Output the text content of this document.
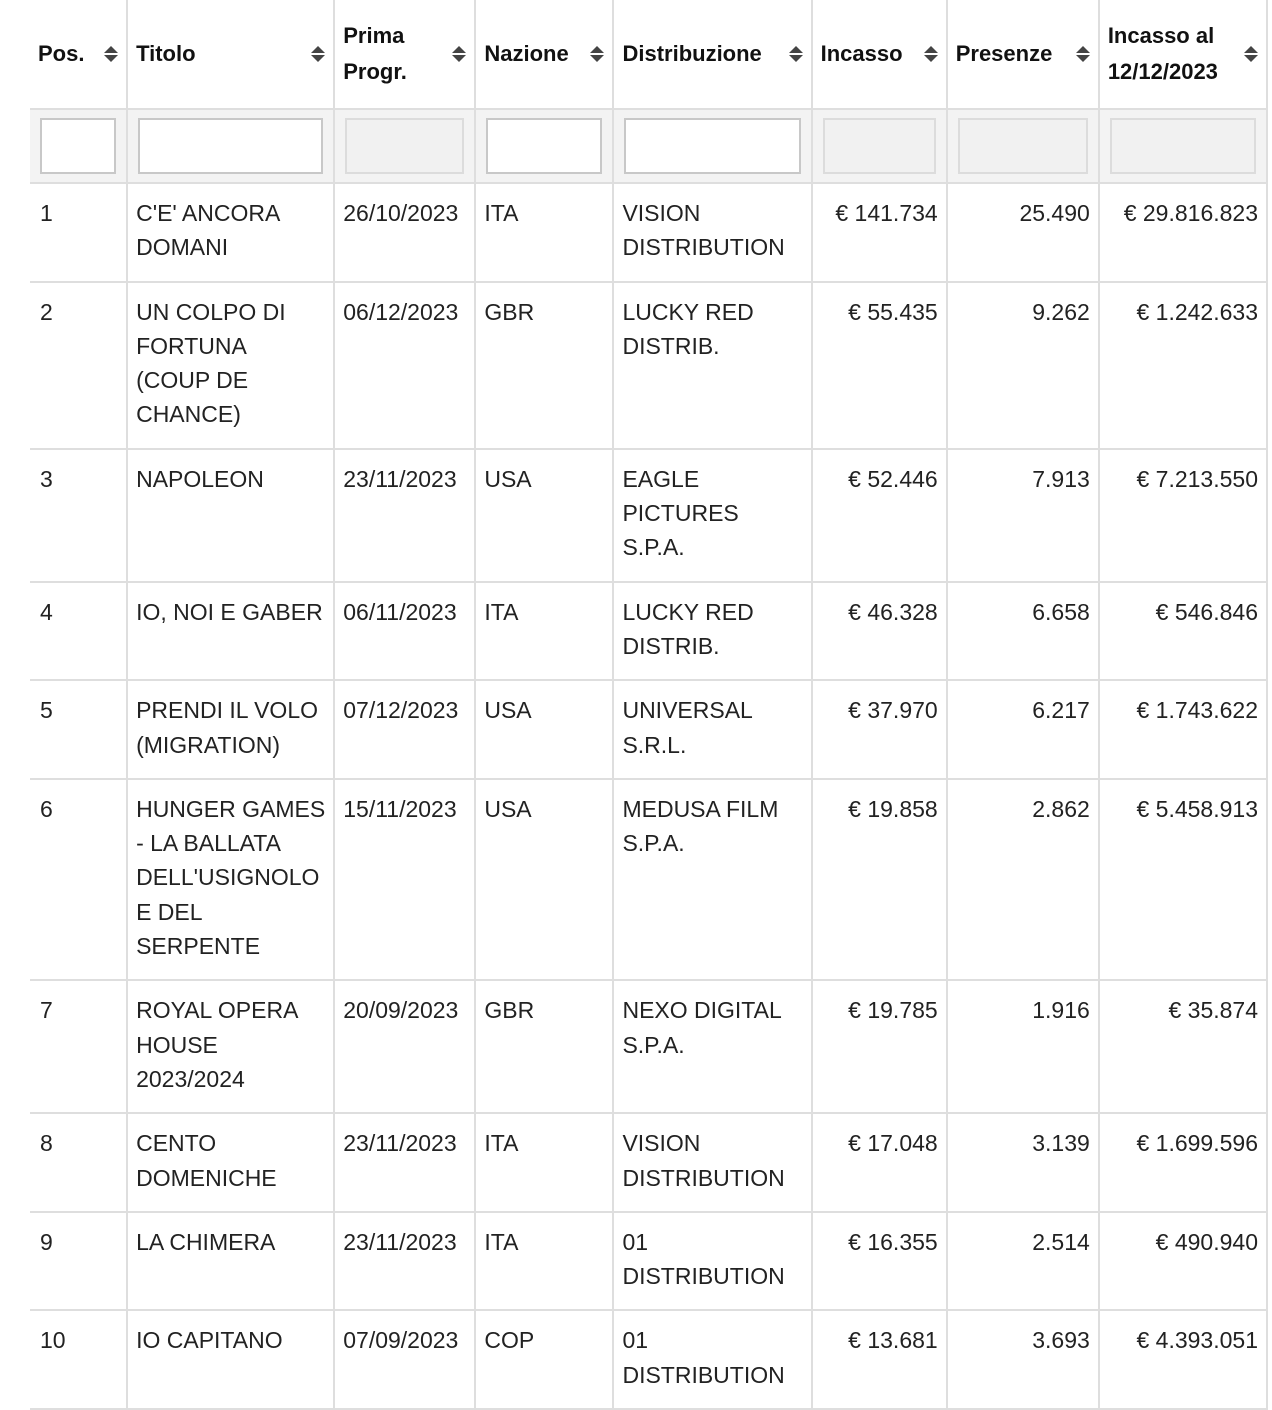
Pos.	Titolo	Prima Progr.	Nazione	Distribuzione	Incasso	Presenze	Incasso al 12/12/2023

1	C'E' ANCORA DOMANI	26/10/2023	ITA	VISION DISTRIBUTION	€ 141.734	25.490	€ 29.816.823
2	UN COLPO DI FORTUNA (COUP DE CHANCE)	06/12/2023	GBR	LUCKY RED DISTRIB.	€ 55.435	9.262	€ 1.242.633
3	NAPOLEON	23/11/2023	USA	EAGLE PICTURES S.P.A.	€ 52.446	7.913	€ 7.213.550
4	IO, NOI E GABER	06/11/2023	ITA	LUCKY RED DISTRIB.	€ 46.328	6.658	€ 546.846
5	PRENDI IL VOLO (MIGRATION)	07/12/2023	USA	UNIVERSAL S.R.L.	€ 37.970	6.217	€ 1.743.622
6	HUNGER GAMES - LA BALLATA DELL'USIGNOLO E DEL SERPENTE	15/11/2023	USA	MEDUSA FILM S.P.A.	€ 19.858	2.862	€ 5.458.913
7	ROYAL OPERA HOUSE 2023/2024	20/09/2023	GBR	NEXO DIGITAL S.P.A.	€ 19.785	1.916	€ 35.874
8	CENTO DOMENICHE	23/11/2023	ITA	VISION DISTRIBUTION	€ 17.048	3.139	€ 1.699.596
9	LA CHIMERA	23/11/2023	ITA	01 DISTRIBUTION	€ 16.355	2.514	€ 490.940
10	IO CAPITANO	07/09/2023	COP	01 DISTRIBUTION	€ 13.681	3.693	€ 4.393.051
